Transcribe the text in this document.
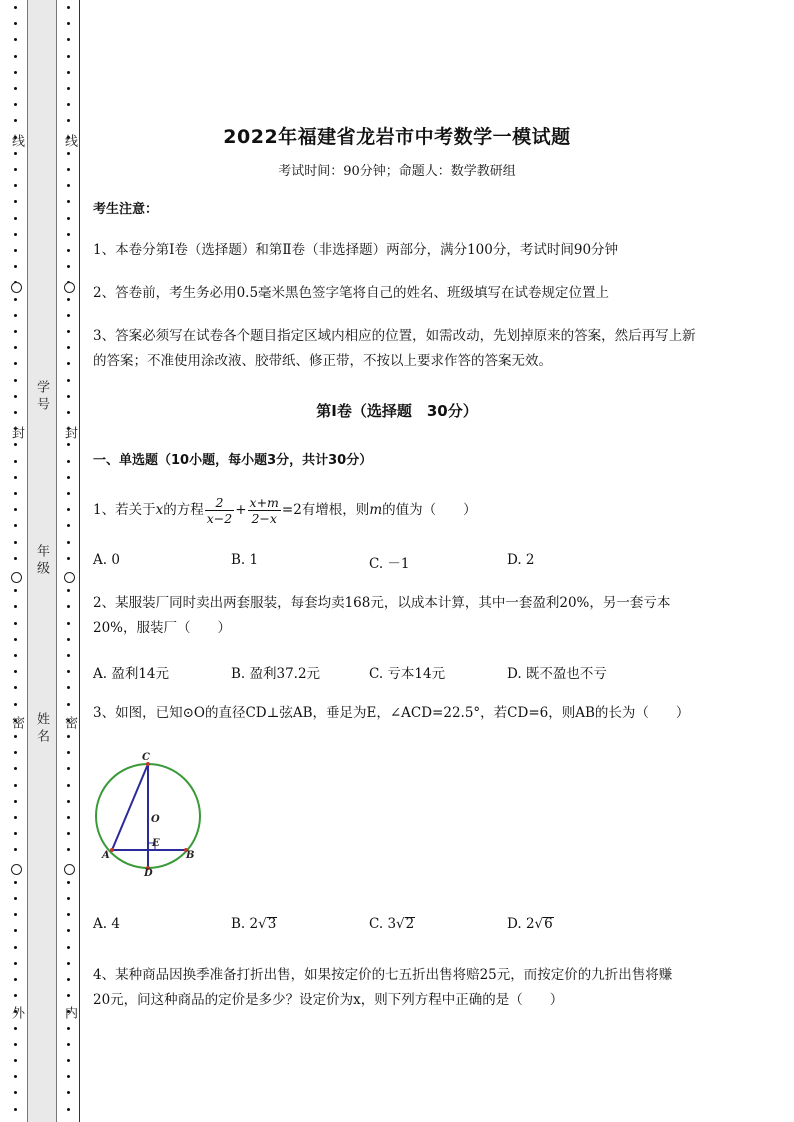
线
封
密
外
学 号
年 级
姓 名
线
封
密
内
2022年福建省龙岩市中考数学一模试题
考试时间：90分钟；命题人：数学教研组
考生注意：
1、本卷分第Ⅰ卷（选择题）和第Ⅱ卷（非选择题）两部分，满分100分，考试时间90分钟
2、答卷前，考生务必用0.5毫米黑色签字笔将自己的姓名、班级填写在试卷规定位置上
3、答案必须写在试卷各个题目指定区域内相应的位置，如需改动，先划掉原来的答案，然后再写上新
的答案；不准使用涂改液、胶带纸、修正带，不按以上要求作答的答案无效。
第Ⅰ卷（选择题　30分）
一、单选题（10小题，每小题3分，共计30分）
1、若关于x的方程 $\frac{2}{x-2} + \frac{x+m}{2-x} =2$有增根，则m的值为（　　）
A. 0	B. 1	C. －1	D. 2
2、某服装厂同时卖出两套服装，每套均卖168元，以成本计算，其中一套盈利20%，另一套亏本
20%，服装厂（　　）
A. 盈利14元	B. 盈利37.2元	C. 亏本14元	D. 既不盈也不亏
3、如图，已知⊙O的直径CD⊥弦AB，垂足为E，∠ACD=22.5°，若CD=6，则AB的长为（　　）
C
O
E
A	B
D
A. 4	B. 2√3	C. 3√2	D. 2√6
4、某种商品因换季准备打折出售，如果按定价的七五折出售将赔25元，而按定价的九折出售将赚
20元，问这种商品的定价是多少？设定价为x，则下列方程中正确的是（　　）
